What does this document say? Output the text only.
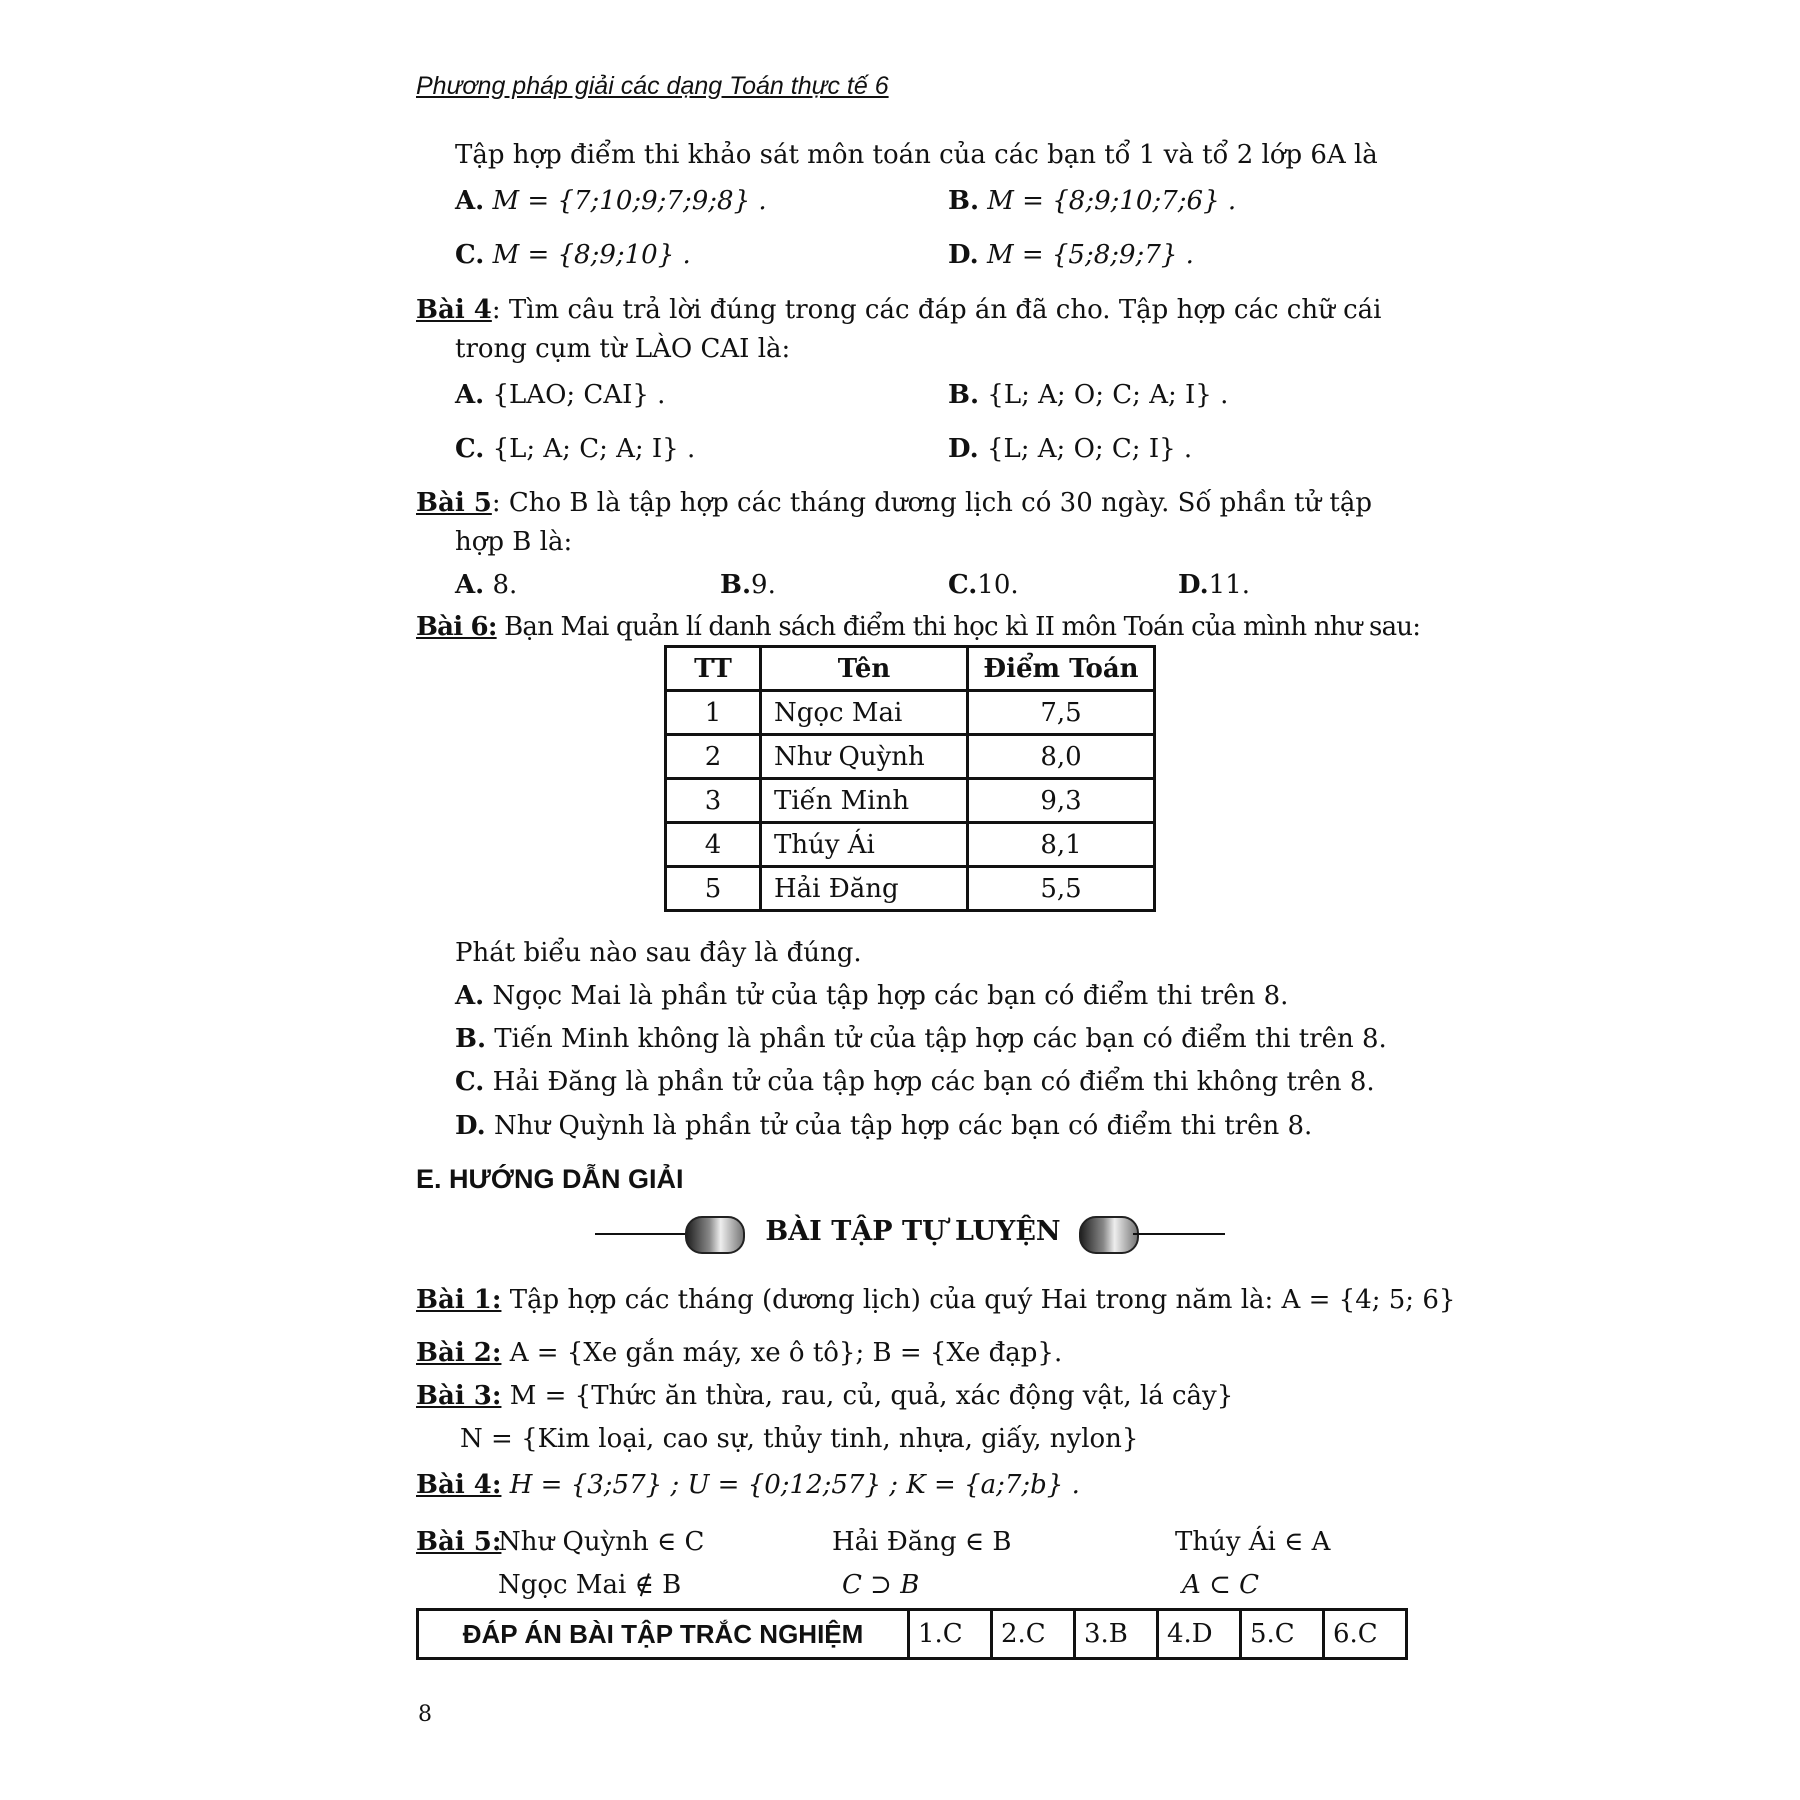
Phương pháp giải các dạng Toán thực tế 6
Tập hợp điểm thi khảo sát môn toán của các bạn tổ 1 và tổ 2 lớp 6A là
A. M = {7;10;9;7;9;8} .	B. M = {8;9;10;7;6} .
C. M = {8;9;10} .	D. M = {5;8;9;7} .
Bài 4: Tìm câu trả lời đúng trong các đáp án đã cho. Tập hợp các chữ cái
trong cụm từ LÀO CAI là:
A. {LAO; CAI} .	B. {L; A; O; C; A; I} .
C. {L; A; C; A; I} .	D. {L; A; O; C; I} .
Bài 5: Cho B là tập hợp các tháng dương lịch có 30 ngày. Số phần tử tập
hợp B là:
A. 8.	B.9.	C.10.	D.11.
Bài 6: Bạn Mai quản lí danh sách điểm thi học kì II môn Toán của mình như sau:
TT	Tên	Điểm Toán
1	Ngọc Mai	7,5
2	Như Quỳnh	8,0
3	Tiến Minh	9,3
4	Thúy Ái	8,1
5	Hải Đăng	5,5
Phát biểu nào sau đây là đúng.
A. Ngọc Mai là phần tử của tập hợp các bạn có điểm thi trên 8.
B. Tiến Minh không là phần tử của tập hợp các bạn có điểm thi trên 8.
C. Hải Đăng là phần tử của tập hợp các bạn có điểm thi không trên 8.
D. Như Quỳnh là phần tử của tập hợp các bạn có điểm thi trên 8.
E. HƯỚNG DẪN GIẢI
BÀI TẬP TỰ LUYỆN
Bài 1: Tập hợp các tháng (dương lịch) của quý Hai trong năm là: A = {4; 5; 6}
Bài 2: A = {Xe gắn máy, xe ô tô}; B = {Xe đạp}.
Bài 3: M = {Thức ăn thừa, rau, củ, quả, xác động vật, lá cây}
N = {Kim loại, cao sự, thủy tinh, nhựa, giấy, nylon}
Bài 4: H = {3;57} ; U = {0;12;57} ; K = {a;7;b} .
Bài 5:
Như Quỳnh ∈ C	Hải Đăng ∈ B	Thúy Ái ∈ A
Ngọc Mai ∉ B	C ⊃ B	A ⊂ C
ĐÁP ÁN BÀI TẬP TRẮC NGHIỆM	1.C	2.C	3.B	4.D	5.C	6.C
8
